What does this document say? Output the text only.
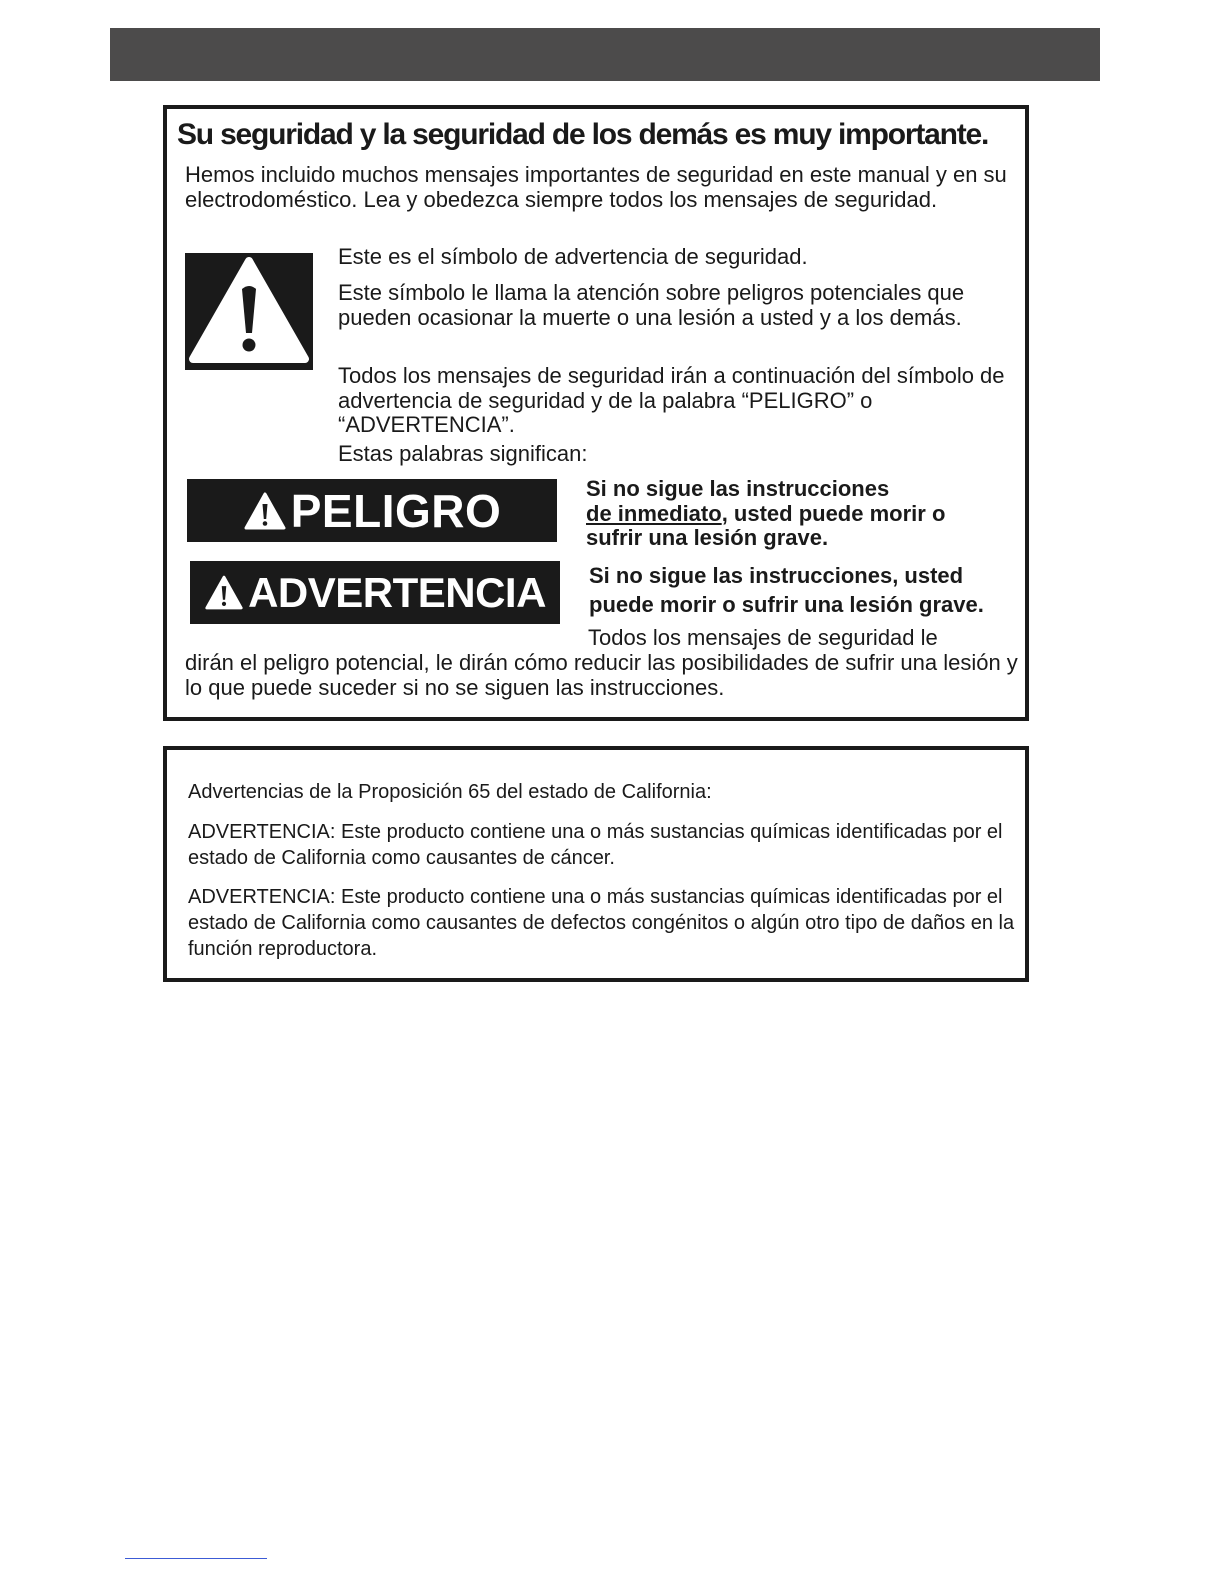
Su seguridad y la seguridad de los demás es muy importante.

Hemos incluido muchos mensajes importantes de seguridad en este manual y en su electrodoméstico. Lea y obedezca siempre todos los mensajes de seguridad.

Este es el símbolo de advertencia de seguridad.

Este símbolo le llama la atención sobre peligros potenciales que pueden ocasionar la muerte o una lesión a usted y a los demás.

Todos los mensajes de seguridad irán a continuación del símbolo de advertencia de seguridad y de la palabra “PELIGRO” o “ADVERTENCIA”.

Estas palabras significan:

PELIGRO	Si no sigue las instrucciones
de inmediato, usted puede morir o sufrir una lesión grave.

ADVERTENCIA Si no sigue las instrucciones, usted puede morir o sufrir una lesión grave.

Todos los mensajes de seguridad le

dirán el peligro potencial, le dirán cómo reducir las posibilidades de sufrir una lesión y lo que puede suceder si no se siguen las instrucciones.

Advertencias de la Proposición 65 del estado de California:

ADVERTENCIA: Este producto contiene una o más sustancias químicas identificadas por el estado de California como causantes de cáncer.

ADVERTENCIA: Este producto contiene una o más sustancias químicas identificadas por el estado de California como causantes de defectos congénitos o algún otro tipo de daños en la función reproductora.
